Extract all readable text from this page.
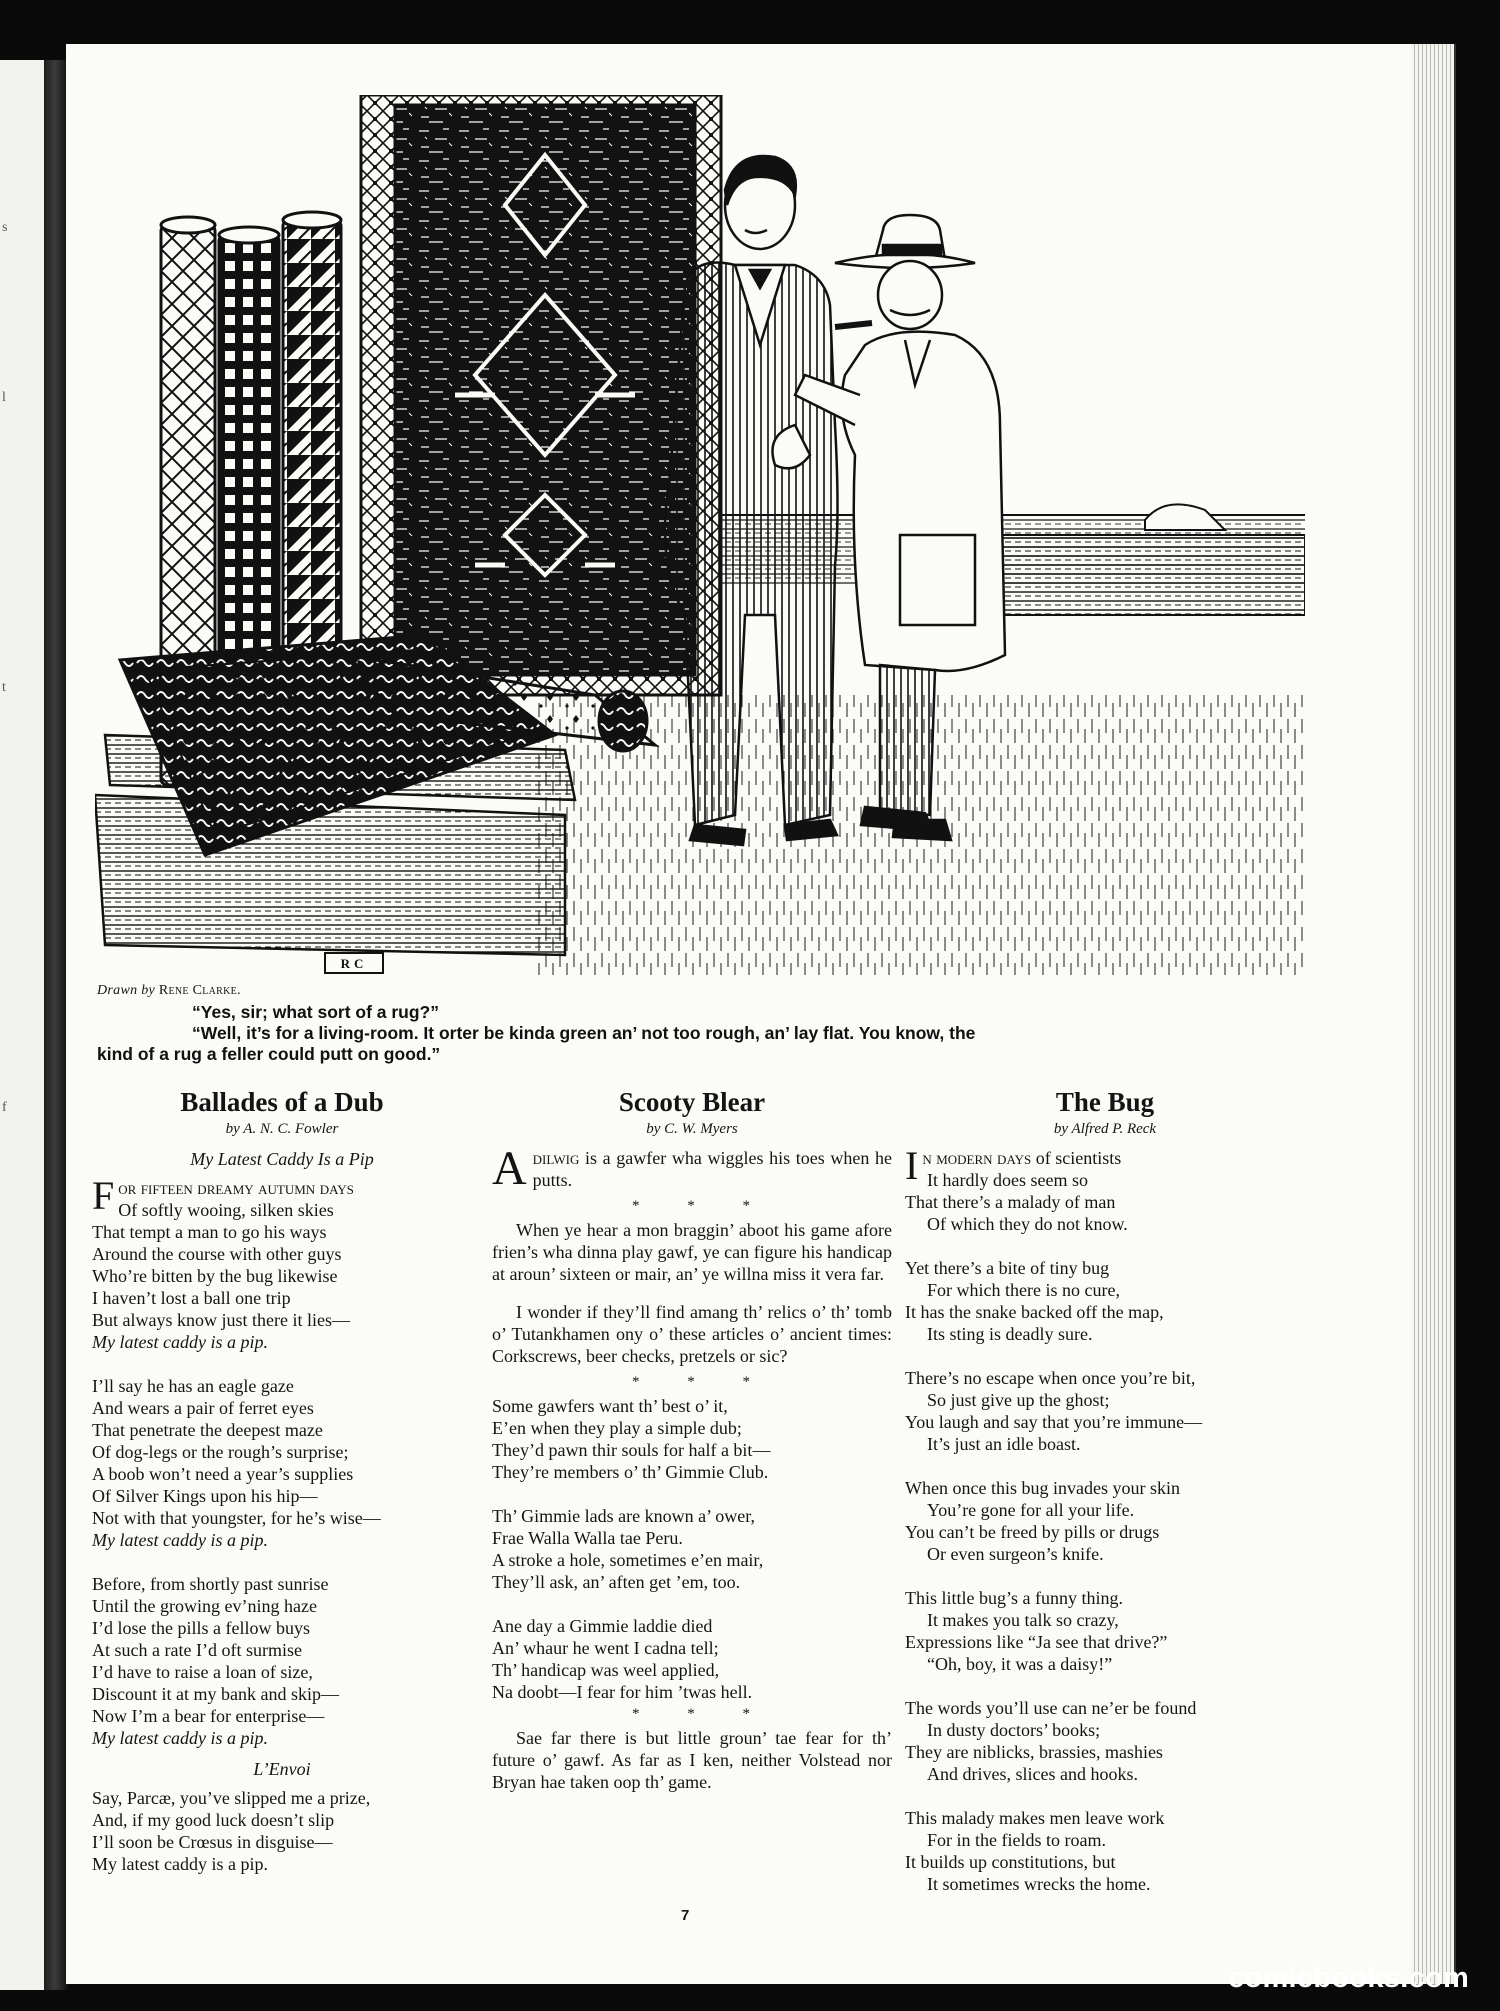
s
l
t
f
RC
Drawn by Rene Clarke.

“Yes, sir; what sort of a rug?”

“Well, it’s for a living-room. It orter be kinda green an’ not too rough, an’ lay flat. You know, the

kind of a rug a feller could putt on good.”

Ballades of a Dub

by A. N. C. Fowler

My Latest Caddy Is a Pip

For fifteen dreamy autumn days
Of softly wooing, silken skies
That tempt a man to go his ways
Around the course with other guys
Who’re bitten by the bug likewise
I haven’t lost a ball one trip
But always know just there it lies—
My latest caddy is a pip.
I’ll say he has an eagle gaze
And wears a pair of ferret eyes
That penetrate the deepest maze
Of dog-legs or the rough’s surprise;
A boob won’t need a year’s supplies
Of Silver Kings upon his hip—
Not with that youngster, for he’s wise—
My latest caddy is a pip.
Before, from shortly past sunrise
Until the growing ev’ning haze
I’d lose the pills a fellow buys
At such a rate I’d oft surmise
I’d have to raise a loan of size,
Discount it at my bank and skip—
Now I’m a bear for enterprise—
My latest caddy is a pip.

L’Envoi

Say, Parcæ, you’ve slipped me a prize,
And, if my good luck doesn’t slip
I’ll soon be Crœsus in disguise—
My latest caddy is a pip.
Scooty Blear

by C. W. Myers

Adilwig is a gawfer wha wiggles his toes when he putts.

* * *

When ye hear a mon braggin’ aboot his game afore frien’s wha dinna play gawf, ye can figure his handicap at aroun’ sixteen or mair, an’ ye willna miss it vera far.

I wonder if they’ll find amang th’ relics o’ th’ tomb o’ Tutankhamen ony o’ these articles o’ ancient times: Corkscrews, beer checks, pretzels or sic?

* * *
Some gawfers want th’ best o’ it,
E’en when they play a simple dub;
They’d pawn thir souls for half a bit—
They’re members o’ th’ Gimmie Club.
Th’ Gimmie lads are known a’ ower,
Frae Walla Walla tae Peru.
A stroke a hole, sometimes e’en mair,
They’ll ask, an’ aften get ’em, too.
Ane day a Gimmie laddie died
An’ whaur he went I cadna tell;
Th’ handicap was weel applied,
Na doobt—I fear for him ’twas hell.
* * *

Sae far there is but little groun’ tae fear for th’ future o’ gawf. As far as I ken, neither Volstead nor Bryan hae taken oop th’ game.

The Bug

by Alfred P. Reck

In modern days of scientists
It hardly does seem so
That there’s a malady of man
Of which they do not know.
Yet there’s a bite of tiny bug
For which there is no cure,
It has the snake backed off the map,
Its sting is deadly sure.
There’s no escape when once you’re bit,
So just give up the ghost;
You laugh and say that you’re immune—
It’s just an idle boast.
When once this bug invades your skin
You’re gone for all your life.
You can’t be freed by pills or drugs
Or even surgeon’s knife.
This little bug’s a funny thing.
It makes you talk so crazy,
Expressions like “Ja see that drive?”
“Oh, boy, it was a daisy!”
The words you’ll use can ne’er be found
In dusty doctors’ books;
They are niblicks, brassies, mashies
And drives, slices and hooks.
This malady makes men leave work
For in the fields to roam.
It builds up constitutions, but
It sometimes wrecks the home.
7
comicbooks.com
